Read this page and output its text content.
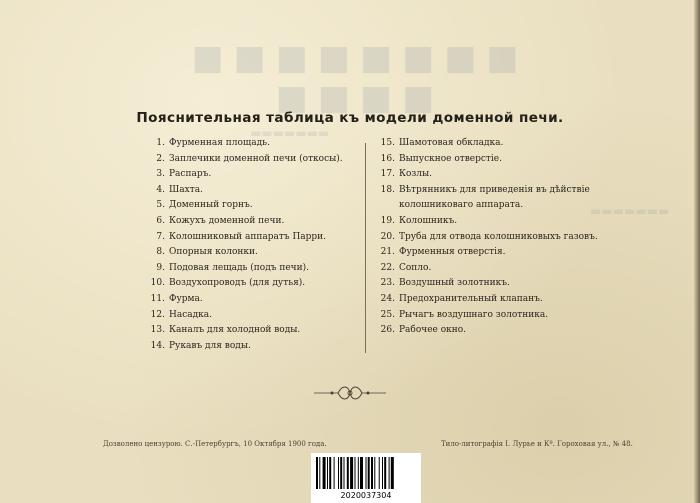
■■■■■■■■ ■■■■
▬▬▬▬▬▬▬
▬▬▬▬▬▬▬
Пояснительная таблица къ модели доменной печи.
1. Фурменная площадь.
2. Заплечики доменной печи (откосы).
3. Распаръ.
4. Шахта.
5. Доменный горнъ.
6. Кожухъ доменной печи.
7. Колошниковый аппаратъ Парри.
8. Опорныя колонки.
9. Подовая лещадь (подъ печи).
10. Воздухопроводъ (для дутья).
11. Фурма.
12. Насадка.
13. Каналъ для холодной воды.
14. Рукавъ для воды.
15. Шамотовая обкладка.
16. Выпускное отверстіе.
17. Козлы.
18. Вѣтрянникъ для приведенія въ дѣйствіе
колошниковаго аппарата.
19. Колошникъ.
20. Труба для отвода колошниковыхъ газовъ.
21. Фурменныя отверстія.
22. Сопло.
23. Воздушный золотникъ.
24. Предохранительный клапанъ.
25. Рычагъ воздушнаго золотника.
26. Рабочее окно.
Дозволено цензурою. С.-Петербургъ, 10 Октября 1900 года.	Тило-литографія І. Лурье и Кº. Гороховая ул., № 48.
2020037304
